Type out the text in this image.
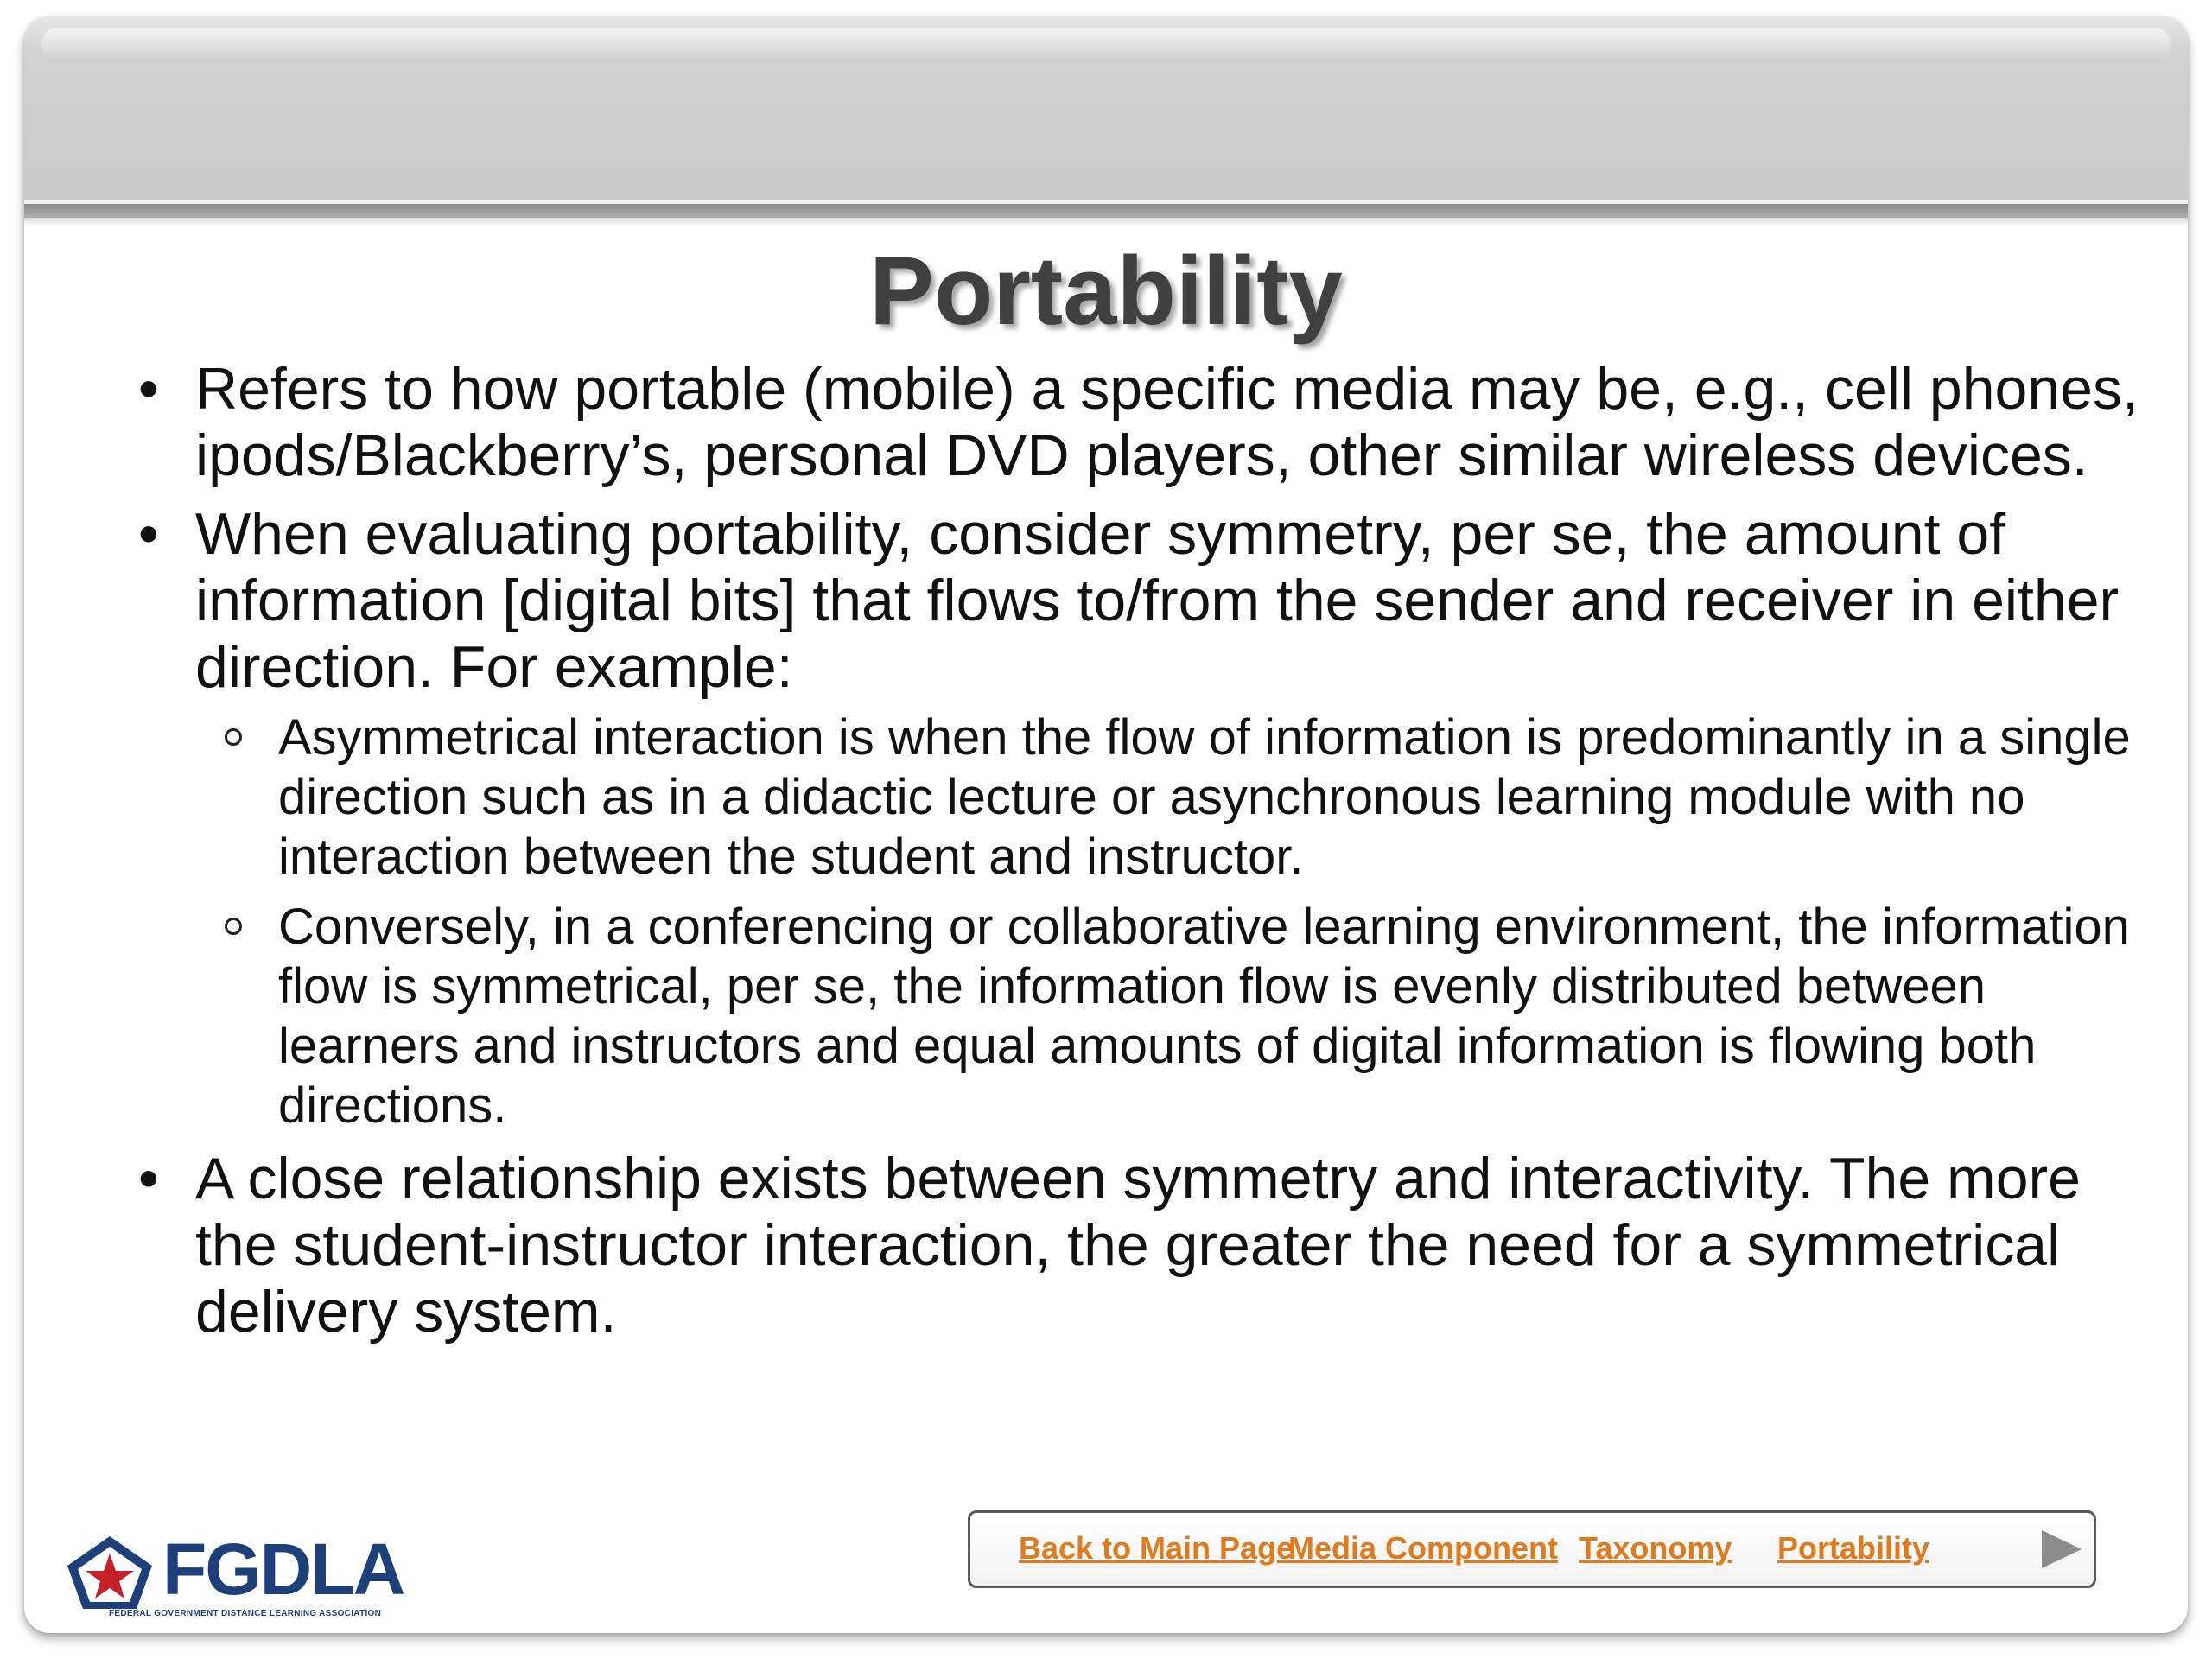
Portability
• Refers to how portable (mobile) a specific media may be, e.g., cell phones, ipods/Blackberry’s, personal DVD players, other similar wireless devices.
• When evaluating portability, consider symmetry, per se, the amount of information [digital bits] that flows to/from the sender and receiver in either direction. For example:
Asymmetrical interaction is when the flow of information is predominantly in a single direction such as in a didactic lecture or asynchronous learning module with no interaction between the student and instructor.
Conversely, in a conferencing or collaborative learning environment, the information flow is symmetrical, per se, the information flow is evenly distributed between learners and instructors and equal amounts of digital information is flowing both directions.
• A close relationship exists between symmetry and interactivity. The more the student-instructor interaction, the greater the need for a symmetrical delivery system.
FGDLA
FEDERAL GOVERNMENT DISTANCE LEARNING ASSOCIATION
Back to Main Page
Media Component Taxonomy Portability
